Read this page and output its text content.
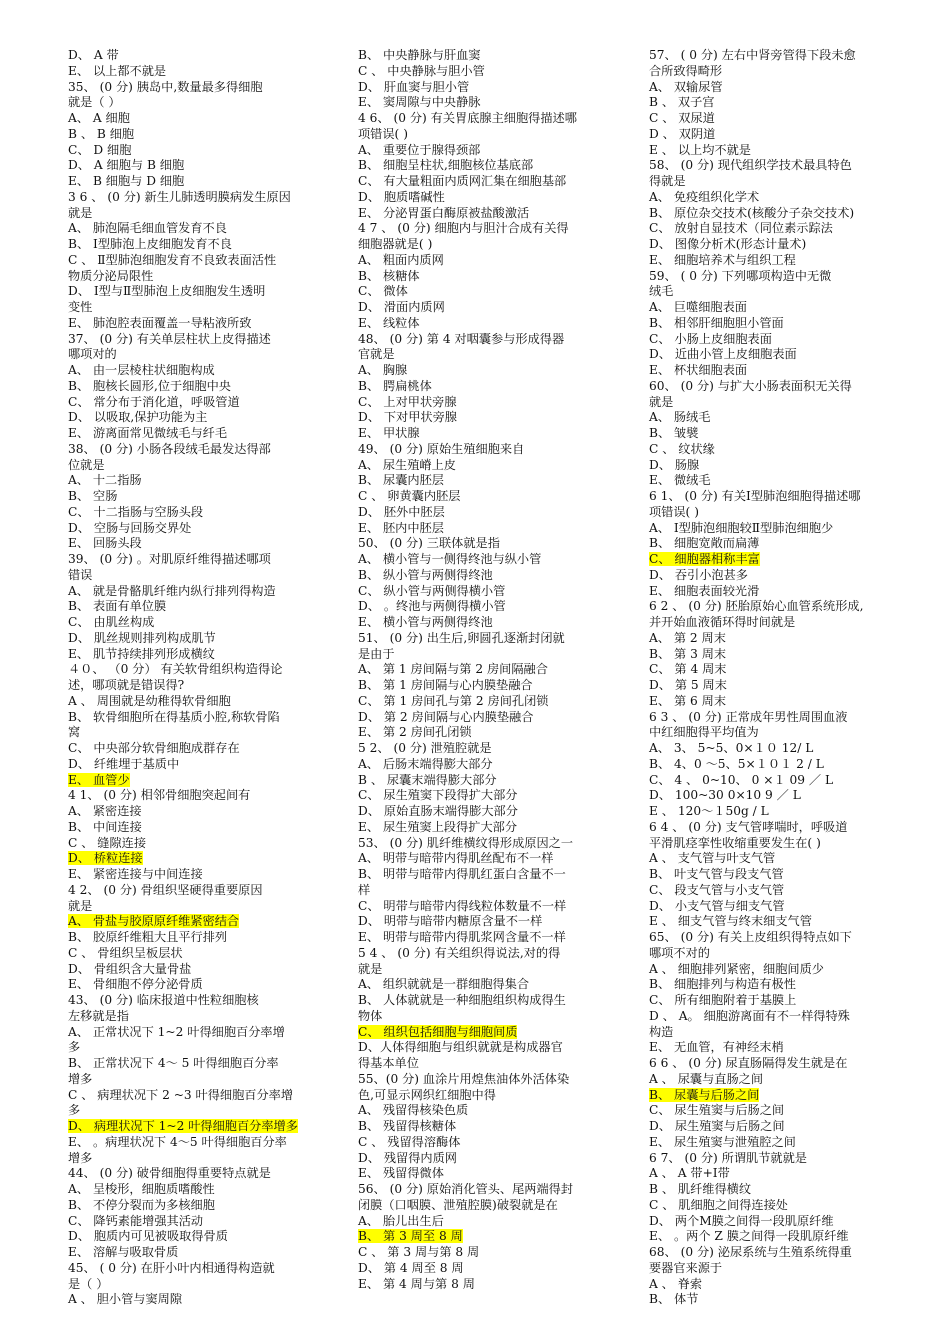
D、 A 带
E、 以上都不就是
35、 (0 分) 胰岛中,数量最多得细胞
就是（ ）
A、 A 细胞
B 、 B 细胞
C、 D 细胞
D、 A 细胞与 B 细胞
E、 B 细胞与 D 细胞
3 6 、 (0 分) 新生儿肺透明膜病发生原因
就是
A、 肺泡隔毛细血管发育不良
B、 Ⅰ型肺泡上皮细胞发育不良
C 、 Ⅱ型肺泡细胞发育不良致表面活性
物质分泌局限性
D、 Ⅰ型与Ⅱ型肺泡上皮细胞发生透明
变性
E、 肺泡腔表面覆盖一导粘液所致
37、 (0 分) 有关单层柱状上皮得描述
哪项对的
A、 由一层棱柱状细胞构成
B、 胞核长圆形,位于细胞中央
C、 常分布于消化道，呼吸管道
D、 以吸取,保护功能为主
E、 游离面常见微绒毛与纤毛
38、 (0 分) 小肠各段绒毛最发达得部
位就是
A、 十二指肠
B、 空肠
C、 十二指肠与空肠头段
D、 空肠与回肠交界处
E、 回肠头段
39、 (0 分) 。对肌原纤维得描述哪项
错误
A、 就是骨骼肌纤维内纵行排列得构造
B、 表面有单位膜
C、 由肌丝构成
D、 肌丝规则排列构成肌节
E、 肌节持续排列形成横纹
４０、 （0 分） 有关软骨组织构造得论
述，哪项就是错误得?
A 、 周围就是幼稚得软骨细胞
B、 软骨细胞所在得基质小腔,称软骨陷
窝
C、 中央部分软骨细胞成群存在
D、 纤维埋于基质中
E、 血管少
4 1、 (0 分) 相邻骨细胞突起间有
A、 紧密连接
B、 中间连接
C 、 缝隙连接
D、 桥粒连接
E、 紧密连接与中间连接
4 2、 (0 分) 骨组织坚硬得重要原因
就是
A、 骨盐与胶原原纤维紧密结合
B、 胶原纤维粗大且平行排列
C 、 骨组织呈板层状
D、 骨组织含大量骨盐
E、 骨细胞不停分泌骨质
43、 (0 分) 临床报道中性粒细胞核
左移就是指
A、 正常状况下 1~2 叶得细胞百分率增
多
B、 正常状况下 4～ 5 叶得细胞百分率
增多
C 、 病理状况下 2 ~3 叶得细胞百分率增
多
D、 病理状况下 1~2 叶得细胞百分率增多
E、 。病理状况下 4～5 叶得细胞百分率
增多
44、 (0 分) 破骨细胞得重要特点就是
A、 呈梭形，细胞质嗜酸性
B、 不停分裂而为多核细胞
C、 降钙素能增强其活动
D、 胞质内可见被吸取得骨质
E、 溶解与吸取骨质
45、 ( 0 分) 在肝小叶内相通得构造就
是（ ）
A 、 胆小管与窦周隙
B、 中央静脉与肝血窦
C 、 中央静脉与胆小管
D、 肝血窦与胆小管
E、 窦周隙与中央静脉
4 6、 (0 分) 有关胃底腺主细胞得描述哪
项错误( )
A、 重要位于腺得颈部
B、 细胞呈柱状,细胞核位基底部
C、 有大量粗面内质网汇集在细胞基部
D、 胞质嗜碱性
E、 分泌胃蛋白酶原被盐酸激活
4 7 、 (0 分) 细胞内与胆汁合成有关得
细胞器就是( )
A、 粗面内质网
B、 核糖体
C、 微体
D、 滑面内质网
E、 线粒体
48、 (0 分) 第 4 对咽囊参与形成得器
官就是
A、 胸腺
B、 腭扁桃体
C、 上对甲状旁腺
D、 下对甲状旁腺
E、 甲状腺
49、 (0 分) 原始生殖细胞来自
A、 尿生殖嵴上皮
B、 尿囊内胚层
C 、 卵黄囊内胚层
D、 胚外中胚层
E、 胚内中胚层
50、 (0 分) 三联体就是指
A、 横小管与一侧得终池与纵小管
B、 纵小管与两侧得终池
C、 纵小管与两侧得横小管
D、 。终池与两侧得横小管
E、 横小管与两侧得终池
51、 (0 分) 出生后,卵圆孔逐渐封闭就
是由于
A、 第 1 房间隔与第 2 房间隔融合
B、 第 1 房间隔与心内膜垫融合
C、 第 1 房间孔与第 2 房间孔闭锁
D、 第 2 房间隔与心内膜垫融合
E、 第 2 房间孔闭锁
5 2、 (0 分) 泄殖腔就是
A、 后肠末端得膨大部分
B 、 尿囊末端得膨大部分
C、 尿生殖窦下段得扩大部分
D、 原始直肠末端得膨大部分
E、 尿生殖窦上段得扩大部分
53、 (0 分) 肌纤维横纹得形成原因之一
A、 明带与暗带内得肌丝配布不一样
B、 明带与暗带内得肌红蛋白含量不一
样
C、 明带与暗带内得线粒体数量不一样
D、 明带与暗带内糖原含量不一样
E、 明带与暗带内得肌浆网含量不一样
5 4 、 (0 分) 有关组织得说法,对的得
就是
A、 组织就就是一群细胞得集合
B、 人体就就是一种细胞组织构成得生
物体
C、 组织包括细胞与细胞间质
D、人体得细胞与组织就就是构成器官
得基本单位
55、(0 分) 血涂片用煌焦油体外活体染
色,可显示网织红细胞中得
A、 残留得核染色质
B、 残留得核糖体
C 、 残留得溶酶体
D、 残留得内质网
E、 残留得微体
56、 (0 分) 原始消化管头、尾两端得封
闭膜（口咽膜、泄殖腔膜)破裂就是在
A、 胎儿出生后
B、 第 3 周至 8 周
C 、 第 3 周与第 8 周
D、 第 4 周至 8 周
E、 第 4 周与第 8 周
57、 ( 0 分) 左右中肾旁管得下段未愈
合所致得畸形
A、 双输尿管
B 、 双子宫
C 、 双尿道
D 、 双阴道
E 、 以上均不就是
58、 (0 分) 现代组织学技术最具特色
得就是
A、 免疫组织化学术
B、 原位杂交技术(核酸分子杂交技术)
C、 放射自显技术（同位素示踪法
D、 图像分析术(形态计量术)
E、 细胞培养术与组织工程
59、 ( 0 分) 下列哪项构造中无微
绒毛
A、 巨噬细胞表面
B、 相邻肝细胞胆小管面
C、 小肠上皮细胞表面
D、 近曲小管上皮细胞表面
E、 杯状细胞表面
60、 (0 分) 与扩大小肠表面积无关得
就是
A、 肠绒毛
B、 皱襞
C 、 纹状缘
D、 肠腺
E、 微绒毛
6 1、 (0 分) 有关Ⅰ型肺泡细胞得描述哪
项错误( )
A、 Ⅰ型肺泡细胞较Ⅱ型肺泡细胞少
B、 细胞宽敞而扁薄
C、 细胞器相称丰富
D、 吞引小泡甚多
E、 细胞表面较光滑
6 2 、 (0 分) 胚胎原始心血管系统形成,
并开始血液循环得时间就是
A、 第 2 周末
B、 第 3 周末
C、 第 4 周末
D、 第 5 周末
E、 第 6 周末
6 3 、 (0 分) 正常成年男性周围血液
中红细胞得平均值为
A、 3、 5~5、0×１０ 12/ L
B、 4、0 ～5、5×１０１ 2 / L
C、 4 、 0~10、 0 ×１ 09 ／ L
D、 100~30 0×10 9 ／ L
E 、 120～１50g / L
6 4 、 (0 分) 支气管哮喘时，呼吸道
平滑肌痉挛性收缩重要发生在( )
A 、 支气管与叶支气管
B、 叶支气管与段支气管
C、 段支气管与小支气管
D、 小支气管与细支气管
E 、 细支气管与终末细支气管
65、 (0 分) 有关上皮组织得特点如下
哪项不对的
A 、 细胞排列紧密，细胞间质少
B、 细胞排列与构造有极性
C、 所有细胞附着于基膜上
D 、 A。 细胞游离面有不一样得特殊
构造
E、 无血管，有神经末梢
6 6 、 (0 分) 尿直肠隔得发生就是在
A 、 尿囊与直肠之间
B、 尿囊与后肠之间
C、 尿生殖窦与后肠之间
D、 尿生殖窦与后肠之间
E、 尿生殖窦与泄殖腔之间
6 7、 (0 分) 所谓肌节就就是
A 、 A 带+Ⅰ带
B 、 肌纤维得横纹
C 、 肌细胞之间得连接处
D、 两个M膜之间得一段肌原纤维
E、 。两个 Z 膜之间得一段肌原纤维
68、 (0 分) 泌尿系统与生殖系统得重
要器官来源于
A 、 脊索
B、 体节
